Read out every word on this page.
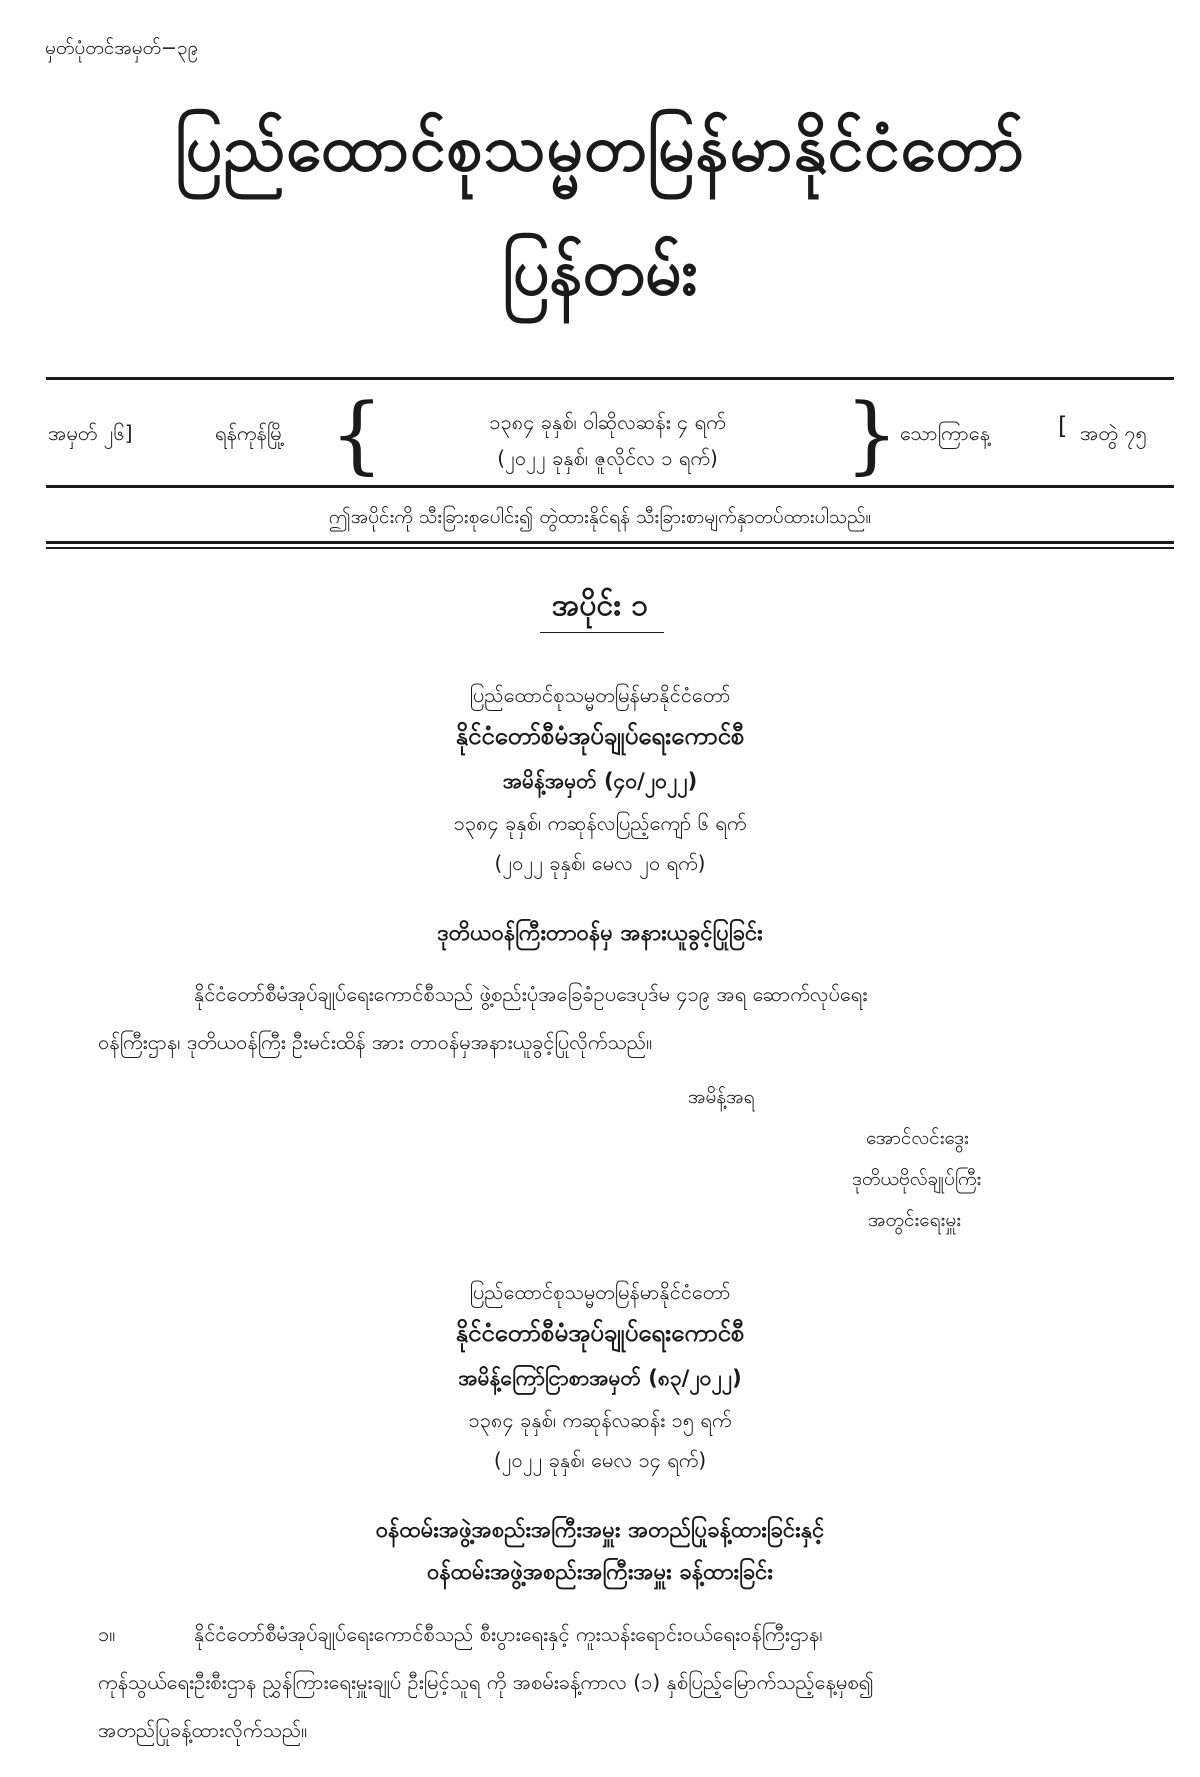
မှတ်ပုံတင်အမှတ်−၃၉
ပြည်ထောင်စုသမ္မတမြန်မာနိုင်ငံတော်
ပြန်တမ်း
အမှတ် ၂၆]	ရန်ကုန်မြို့ {	၁၃၈၄ ခုနှစ်၊ ဝါဆိုလဆန်း ၄ ရက်
(၂၀၂၂ ခုနှစ်၊ ဇူလိုင်လ ၁ ရက်)	} သောကြာနေ့	[ အတွဲ ၇၅
ဤအပိုင်းကို သီးခြားစုပေါင်း၍ တွဲထားနိုင်ရန် သီးခြားစာမျက်နှာတပ်ထားပါသည်။
အပိုင်း ၁
ပြည်ထောင်စုသမ္မတမြန်မာနိုင်ငံတော်
နိုင်ငံတော်စီမံအုပ်ချုပ်ရေးကောင်စီ
အမိန့်အမှတ် (၄၀/၂၀၂၂)
၁၃၈၄ ခုနှစ်၊ ကဆုန်လပြည့်ကျော် ၆ ရက်
(၂၀၂၂ ခုနှစ်၊ မေလ ၂၀ ရက်)
ဒုတိယဝန်ကြီးတာဝန်မှ အနားယူခွင့်ပြုခြင်း
နိုင်ငံတော်စီမံအုပ်ချုပ်ရေးကောင်စီသည် ဖွဲ့စည်းပုံအခြေခံဥပဒေပုဒ်မ ၄၁၉ အရ ဆောက်လုပ်ရေး
ဝန်ကြီးဌာန၊ ဒုတိယဝန်ကြီး ဦးမင်းထိန် အား တာဝန်မှအနားယူခွင့်ပြုလိုက်သည်။
အမိန့်အရ
အောင်လင်းဒွေး
ဒုတိယဗိုလ်ချုပ်ကြီး
အတွင်းရေးမှူး
ပြည်ထောင်စုသမ္မတမြန်မာနိုင်ငံတော်
နိုင်ငံတော်စီမံအုပ်ချုပ်ရေးကောင်စီ
အမိန့်ကြော်ငြာစာအမှတ် (၈၃/၂၀၂၂)
၁၃၈၄ ခုနှစ်၊ ကဆုန်လဆန်း ၁၅ ရက်
(၂၀၂၂ ခုနှစ်၊ မေလ ၁၄ ရက်)
ဝန်ထမ်းအဖွဲ့အစည်းအကြီးအမှူး အတည်ပြုခန့်ထားခြင်းနှင့်
ဝန်ထမ်းအဖွဲ့အစည်းအကြီးအမှူး ခန့်ထားခြင်း
၁။	နိုင်ငံတော်စီမံအုပ်ချုပ်ရေးကောင်စီသည် စီးပွားရေးနှင့် ကူးသန်းရောင်းဝယ်ရေးဝန်ကြီးဌာန၊
ကုန်သွယ်ရေးဦးစီးဌာန ညွှန်ကြားရေးမှူးချုပ် ဦးမြင့်သူရ ကို အစမ်းခန့်ကာလ (၁) နှစ်ပြည့်မြောက်သည့်နေ့မှစ၍
အတည်ပြုခန့်ထားလိုက်သည်။
